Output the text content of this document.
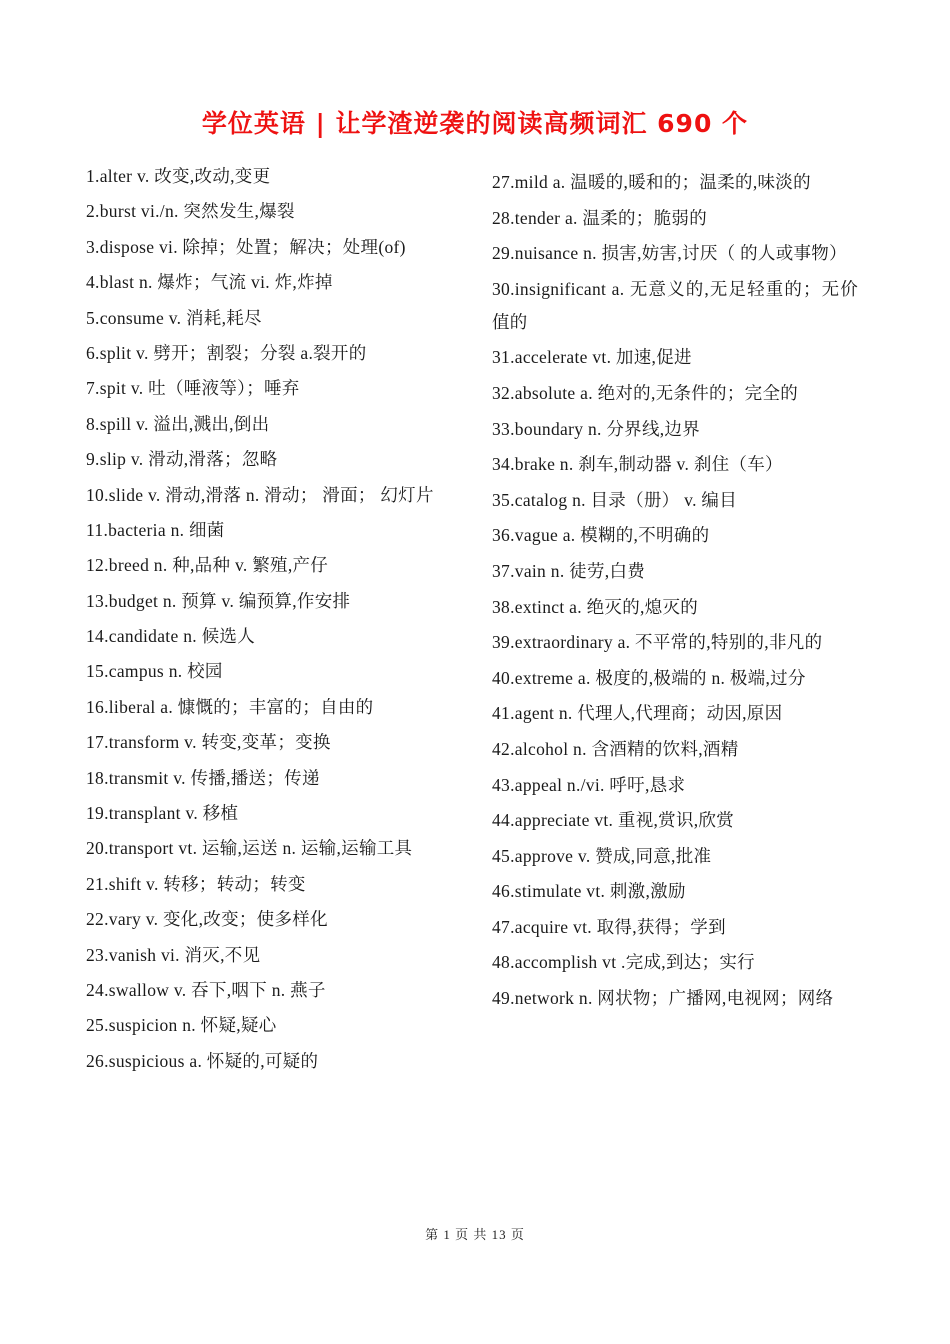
学位英语 | 让学渣逆袭的阅读高频词汇 690 个
1.alter v. 改变,改动,变更
2.burst vi./n. 突然发生,爆裂
3.dispose vi. 除掉；处置；解决；处理(of)
4.blast n. 爆炸；气流 vi. 炸,炸掉
5.consume v. 消耗,耗尽
6.split v. 劈开；割裂；分裂 a.裂开的
7.spit v. 吐（唾液等）；唾弃
8.spill v. 溢出,溅出,倒出
9.slip v. 滑动,滑落；忽略
10.slide v. 滑动,滑落 n. 滑动； 滑面； 幻灯片
11.bacteria n. 细菌
12.breed n. 种,品种 v. 繁殖,产仔
13.budget n. 预算 v. 编预算,作安排
14.candidate n. 候选人
15.campus n. 校园
16.liberal a. 慷慨的；丰富的；自由的
17.transform v. 转变,变革；变换
18.transmit v. 传播,播送；传递
19.transplant v. 移植
20.transport vt. 运输,运送 n. 运输,运输工具
21.shift v. 转移；转动；转变
22.vary v. 变化,改变；使多样化
23.vanish vi. 消灭,不见
24.swallow v. 吞下,咽下 n. 燕子
25.suspicion n. 怀疑,疑心
26.suspicious a. 怀疑的,可疑的
27.mild a. 温暖的,暖和的；温柔的,味淡的
28.tender a. 温柔的；脆弱的
29.nuisance n. 损害,妨害,讨厌（ 的人或事物）
30.insignificant a. 无意义的,无足轻重的；无价值的
31.accelerate vt. 加速,促进
32.absolute a. 绝对的,无条件的；完全的
33.boundary n. 分界线,边界
34.brake n. 刹车,制动器 v. 刹住（车）
35.catalog n. 目录（册） v. 编目
36.vague a. 模糊的,不明确的
37.vain n. 徒劳,白费
38.extinct a. 绝灭的,熄灭的
39.extraordinary a. 不平常的,特别的,非凡的
40.extreme a. 极度的,极端的 n. 极端,过分
41.agent n. 代理人,代理商；动因,原因
42.alcohol n. 含酒精的饮料,酒精
43.appeal n./vi. 呼吁,恳求
44.appreciate vt. 重视,赏识,欣赏
45.approve v. 赞成,同意,批准
46.stimulate vt. 刺激,激励
47.acquire vt. 取得,获得；学到
48.accomplish vt .完成,到达；实行
49.network n. 网状物；广播网,电视网；网络
第 1 页 共 13 页
